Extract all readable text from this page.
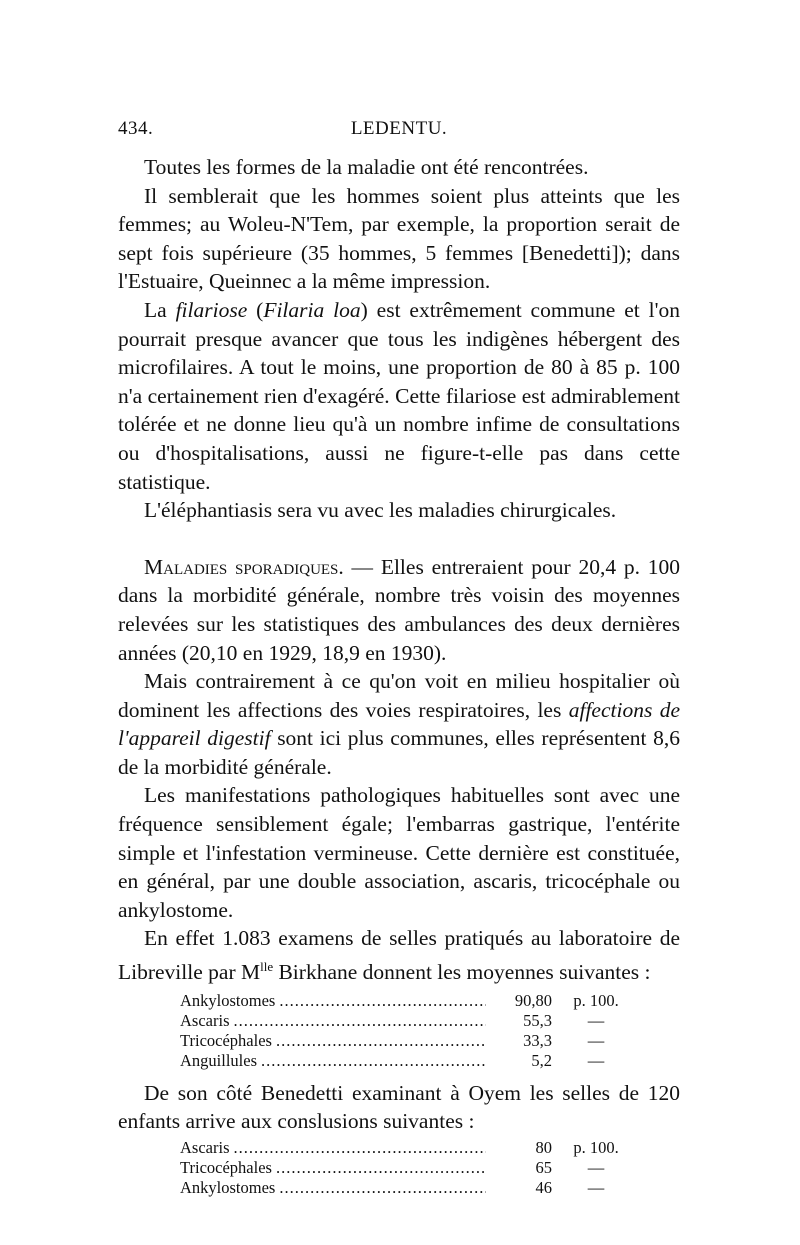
434.	LEDENTU.

Toutes les formes de la maladie ont été rencontrées.

Il semblerait que les hommes soient plus atteints que les femmes; au Woleu-N'Tem, par exemple, la proportion serait de sept fois supérieure (35 hommes, 5 femmes [Benedetti]); dans l'Estuaire, Queinnec a la même impression.

La filariose (Filaria loa) est extrêmement commune et l'on pourrait presque avancer que tous les indigènes hébergent des microfilaires. A tout le moins, une proportion de 80 à 85 p. 100 n'a certainement rien d'exagéré. Cette filariose est admirablement tolérée et ne donne lieu qu'à un nombre infime de consultations ou d'hospitalisations, aussi ne figure-t-elle pas dans cette statistique.

L'éléphantiasis sera vu avec les maladies chirurgicales.

Maladies sporadiques. — Elles entreraient pour 20,4 p. 100 dans la morbidité générale, nombre très voisin des moyennes relevées sur les statistiques des ambulances des deux dernières années (20,10 en 1929, 18,9 en 1930).

Mais contrairement à ce qu'on voit en milieu hospitalier où dominent les affections des voies respiratoires, les affections de l'appareil digestif sont ici plus communes, elles représentent 8,6 de la morbidité générale.

Les manifestations pathologiques habituelles sont avec une fréquence sensiblement égale; l'embarras gastrique, l'entérite simple et l'infestation vermineuse. Cette dernière est constituée, en général, par une double association, ascaris, tricocéphale ou ankylostome.

En effet 1.083 examens de selles pratiqués au laboratoire de Libreville par $M^{lle}$ Birkhane donnent les moyennes suivantes :

Ankylostomes .....	90,80	p. 100.
Ascaris .....	55,3	—
Tricocéphales .....	33,3	—
Anguillules .....	5,2	—

De son côté Benedetti examinant à Oyem les selles de 120 enfants arrive aux conslusions suivantes :

Ascaris .....	80	p. 100.
Tricocéphales .....	65	—
Ankylostomes .....	46	—
